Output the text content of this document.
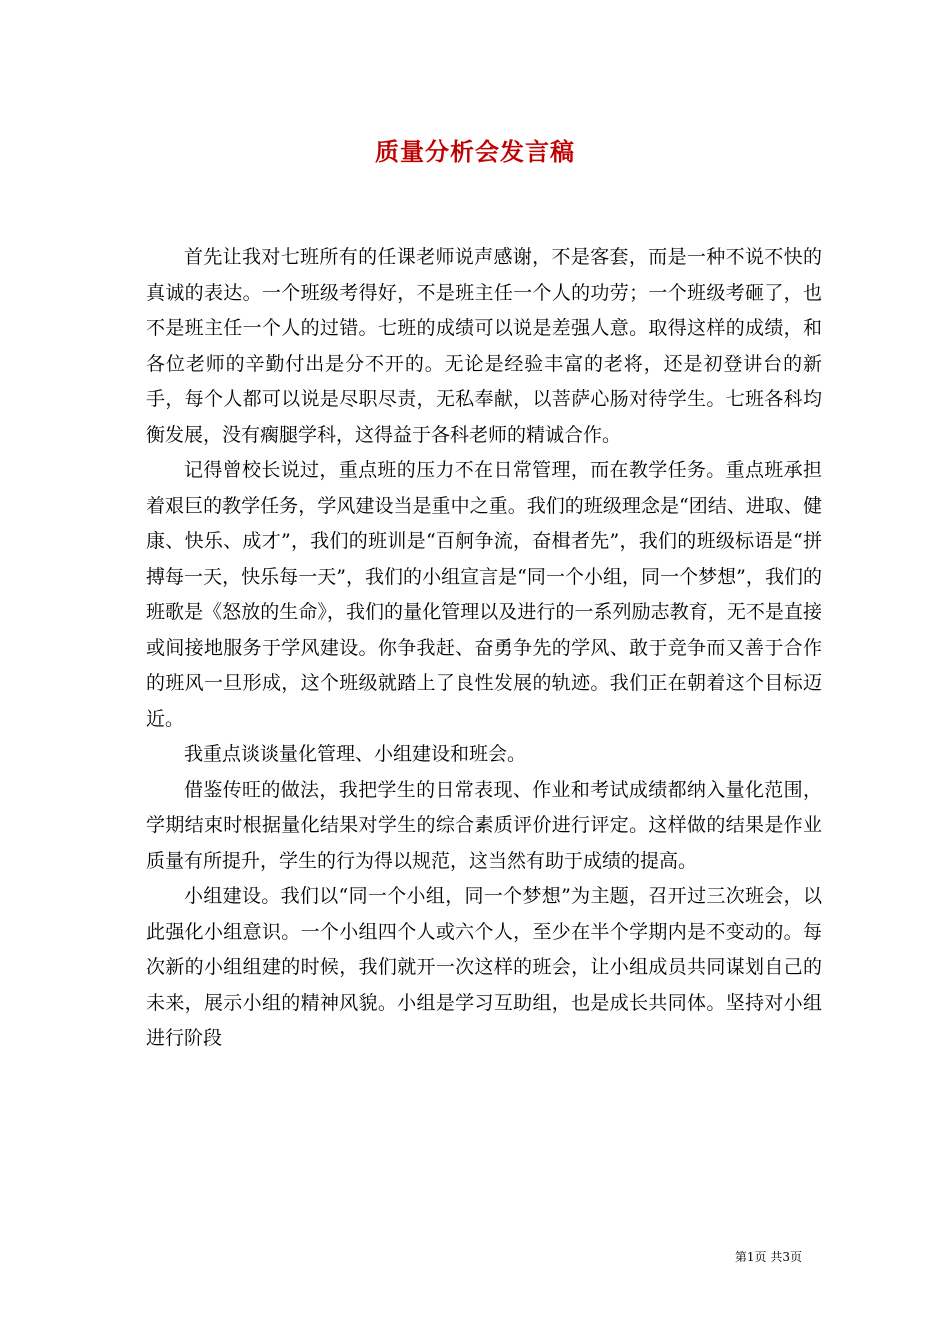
质量分析会发言稿

首先让我对七班所有的任课老师说声感谢，不是客套，而是一种不说不快的真诚的表达。一个班级考得好，不是班主任一个人的功劳；一个班级考砸了，也不是班主任一个人的过错。七班的成绩可以说是差强人意。取得这样的成绩，和各位老师的辛勤付出是分不开的。无论是经验丰富的老将，还是初登讲台的新手，每个人都可以说是尽职尽责，无私奉献，以菩萨心肠对待学生。七班各科均衡发展，没有瘸腿学科，这得益于各科老师的精诚合作。

记得曾校长说过，重点班的压力不在日常管理，而在教学任务。重点班承担着艰巨的教学任务，学风建设当是重中之重。我们的班级理念是“团结、进取、健康、快乐、成才”，我们的班训是“百舸争流，奋楫者先”，我们的班级标语是“拼搏每一天，快乐每一天”，我们的小组宣言是“同一个小组，同一个梦想”，我们的班歌是《怒放的生命》，我们的量化管理以及进行的一系列励志教育，无不是直接或间接地服务于学风建设。你争我赶、奋勇争先的学风、敢于竞争而又善于合作的班风一旦形成，这个班级就踏上了良性发展的轨迹。我们正在朝着这个目标迈近。

我重点谈谈量化管理、小组建设和班会。

借鉴传旺的做法，我把学生的日常表现、作业和考试成绩都纳入量化范围，学期结束时根据量化结果对学生的综合素质评价进行评定。这样做的结果是作业质量有所提升，学生的行为得以规范，这当然有助于成绩的提高。

小组建设。我们以“同一个小组，同一个梦想”为主题，召开过三次班会，以此强化小组意识。一个小组四个人或六个人，至少在半个学期内是不变动的。每次新的小组组建的时候，我们就开一次这样的班会，让小组成员共同谋划自己的未来，展示小组的精神风貌。小组是学习互助组，也是成长共同体。坚持对小组进行阶段

第1页 共3页
